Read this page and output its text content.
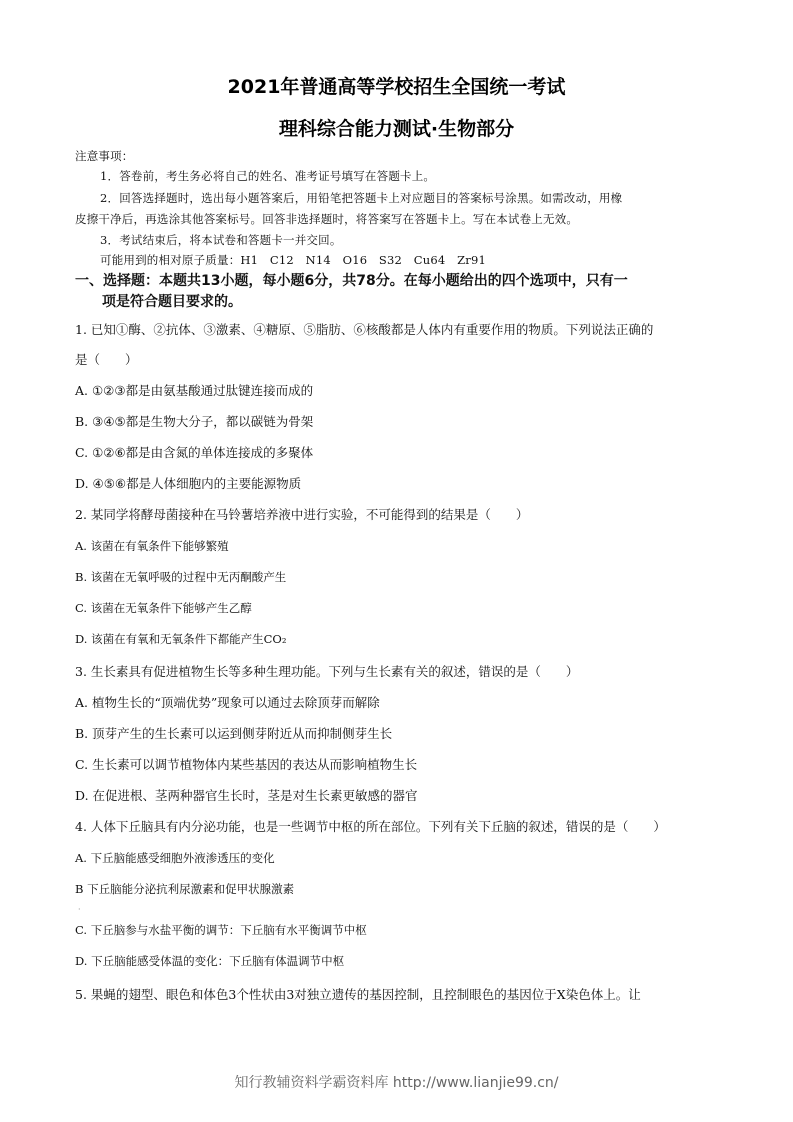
2021年普通高等学校招生全国统一考试
理科综合能力测试·生物部分
注意事项：
1．答卷前，考生务必将自己的姓名、准考证号填写在答题卡上。
2．回答选择题时，选出每小题答案后，用铅笔把答题卡上对应题目的答案标号涂黑。如需改动，用橡
皮擦干净后，再选涂其他答案标号。回答非选择题时，将答案写在答题卡上。写在本试卷上无效。
3．考试结束后，将本试卷和答题卡一并交回。
可能用到的相对原子质量：H1　C12　N14　O16　S32　Cu64　Zr91
一、选择题：本题共13小题，每小题6分，共78分。在每小题给出的四个选项中，只有一
项是符合题目要求的。
1. 已知①酶、②抗体、③激素、④糖原、⑤脂肪、⑥核酸都是人体内有重要作用的物质。下列说法正确的
是（　　）
A. ①②③都是由氨基酸通过肽键连接而成的
B. ③④⑤都是生物大分子，都以碳链为骨架
C. ①②⑥都是由含氮的单体连接成的多聚体
D. ④⑤⑥都是人体细胞内的主要能源物质
2. 某同学将酵母菌接种在马铃薯培养液中进行实验，不可能得到的结果是（　　）
A. 该菌在有氧条件下能够繁殖
B. 该菌在无氧呼吸的过程中无丙酮酸产生
C. 该菌在无氧条件下能够产生乙醇
D. 该菌在有氧和无氧条件下都能产生CO₂
3. 生长素具有促进植物生长等多种生理功能。下列与生长素有关的叙述，错误的是（　　）
A. 植物生长的“顶端优势”现象可以通过去除顶芽而解除
B. 顶芽产生的生长素可以运到侧芽附近从而抑制侧芽生长
C. 生长素可以调节植物体内某些基因的表达从而影响植物生长
D. 在促进根、茎两种器官生长时，茎是对生长素更敏感的器官
4. 人体下丘脑具有内分泌功能，也是一些调节中枢的所在部位。下列有关下丘脑的叙述，错误的是（　　）
A. 下丘脑能感受细胞外液渗透压的变化
B 下丘脑能分泌抗利尿激素和促甲状腺激素
·
C. 下丘脑参与水盐平衡的调节：下丘脑有水平衡调节中枢
D. 下丘脑能感受体温的变化：下丘脑有体温调节中枢
5. 果蝇的翅型、眼色和体色3个性状由3对独立遗传的基因控制，且控制眼色的基因位于X染色体上。让
知行教辅资料学霸资料库 http://www.lianjie99.cn/
